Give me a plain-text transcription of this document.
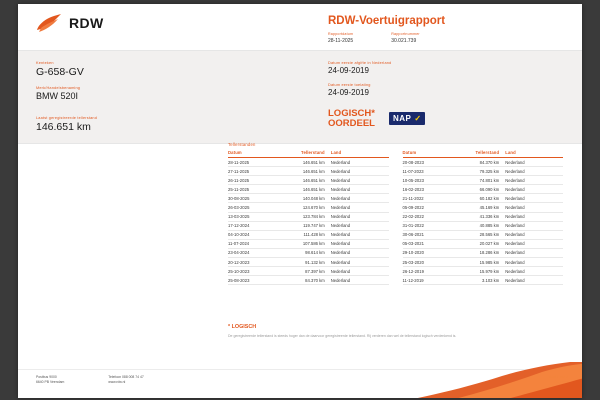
RDW	RDW-Voertuigrapport
Rapportdatum
28-11-2025
Rapportnummer
30.021.739
Kenteken
G-658-GV
Merk/Handelsbenaming
BMW 520I
Laatst geregistreerde tellerstand
146.651 km
Datum eerste afgifte in Nederland
24-09-2019
Datum eerste toelating
24-09-2019
LOGISCH*
OORDEEL NAP ✓
Tellerstanden
Datum	Tellerstand	Land
28-11-2025	146.651 km	Nederland
27-11-2025	146.651 km	Nederland
26-11-2025	146.651 km	Nederland
25-11-2025	146.651 km	Nederland
30-08-2025	140.048 km	Nederland
26-03-2025	124.670 km	Nederland
13-03-2025	123.784 km	Nederland
17-12-2024	119.747 km	Nederland
04-10-2024	111.428 km	Nederland
11-07-2024	107.586 km	Nederland
23-04-2024	98.614 km	Nederland
20-12-2023	91.132 km	Nederland
25-10-2023	87.397 km	Nederland
25-08-2023	84.370 km	Nederland
Datum	Tellerstand	Land
20-08-2023	84.370 km	Nederland
11-07-2023	79.325 km	Nederland
10-05-2023	74.801 km	Nederland
16-02-2023	66.090 km	Nederland
21-11-2022	60.182 km	Nederland
05-09-2022	45.169 km	Nederland
22-02-2022	41.336 km	Nederland
31-01-2022	40.885 km	Nederland
30-06-2021	28.565 km	Nederland
05-03-2021	20.027 km	Nederland
29-10-2020	18.286 km	Nederland
25-03-2020	15.985 km	Nederland
26-12-2019	15.979 km	Nederland
11-12-2019	3.103 km	Nederland
* LOGISCH
De geregistreerde tellerstand is steeds hoger dan de daarvoor geregistreerde tellerstand. Rij verderen dan wel de tellerstand logisch verdenkend is.
Postbus 9000
6640 PB Veendam
Telefoon 088 008 74 47
www.rdw.nl
